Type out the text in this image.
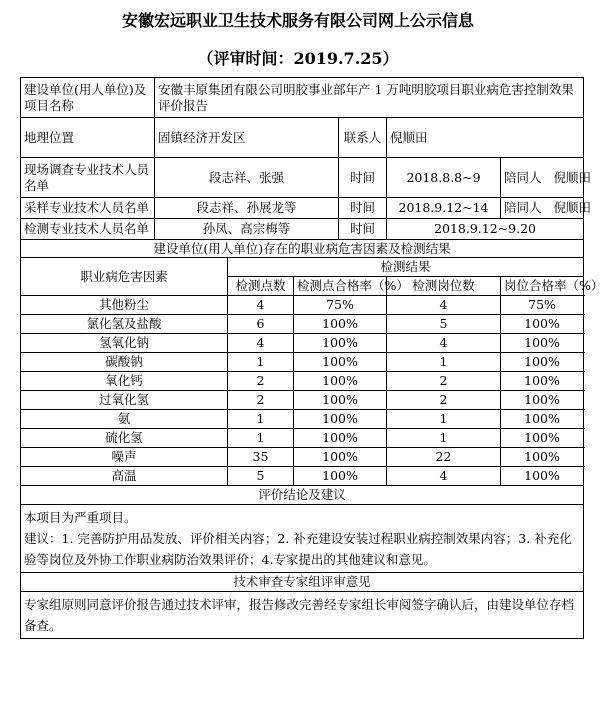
安徽宏远职业卫生技术服务有限公司网上公示信息
（评审时间：2019.7.25）
建设单位(用人单位)及项目名称	安徽丰原集团有限公司明胶事业部年产 1 万吨明胶项目职业病危害控制效果评价报告					
地理位置	固镇经济开发区			联系人	倪顺田	
现场调查专业技术人员名单	段志祥、张强			时间	2018.8.8~9	陪同人 倪顺田
采样专业技术人员名单	段志祥、孙展龙等			时间	2018.9.12~14	陪同人 倪顺田
检测专业技术人员名单	孙凤、高宗梅等			时间	2018.9.12~9.20	
建设单位(用人单位)存在的职业病危害因素及检测结果						
职业病危害因素		检测结果				
		检测点数	检测点合格率（%）		检测岗位数	岗位合格率（%）
其他粉尘		4	75%		4	75%
氯化氢及盐酸		6	100%		5	100%
氢氧化钠		4	100%		4	100%
碳酸钠		1	100%		1	100%
氧化钙		2	100%		2	100%
过氧化氢		2	100%		2	100%
氨		1	100%		1	100%
硫化氢		1	100%		1	100%
噪声		35	100%		22	100%
高温		5	100%		4	100%
评价结论及建议						

本项目为严重项目。
建议：1. 完善防护用品发放、评价相关内容；2. 补充建设安装过程职业病控制效果内容；3. 补充化验等岗位及外协工作职业病防治效果评价；4.专家提出的其他建议和意见。						

技术审查专家组评审意见						
专家组原则同意评价报告通过技术评审，报告修改完善经专家组长审阅签字确认后，由建设单位存档备查。						
